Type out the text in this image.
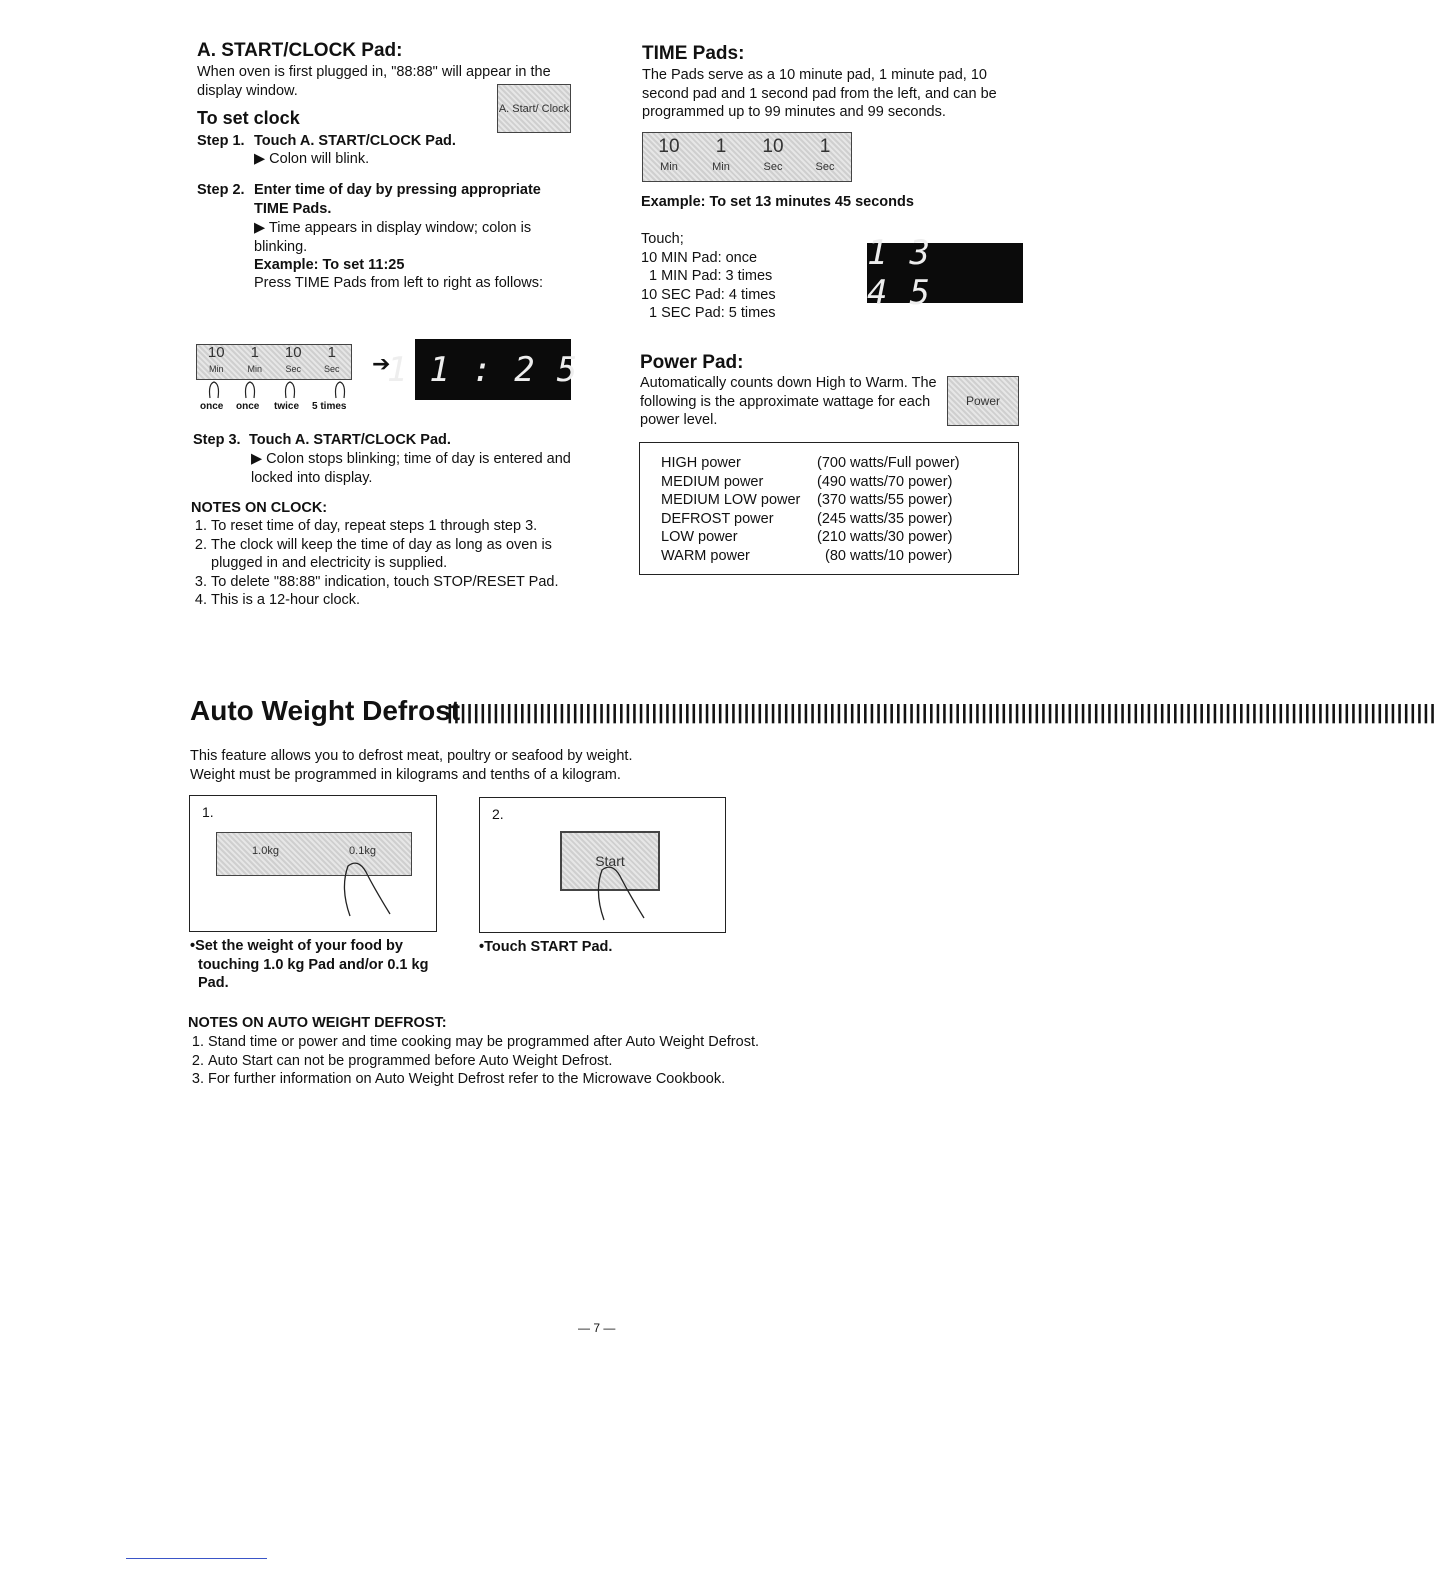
A. START/CLOCK Pad:
When oven is first plugged in, "88:88" will appear in the display window.
A. Start/ Clock
To set clock
Step 1. Touch A. START/CLOCK Pad.
▶ Colon will blink.
Step 2. Enter time of day by pressing appropriate TIME Pads.
▶ Time appears in display window; colon is blinking.
Example: To set 11:25
Press TIME Pads from left to right as follows:
10
Min
1
Min
10
Sec
1
Sec
once	once	twice	5 times
➔
11:25
Step 3. Touch A. START/CLOCK Pad.
▶ Colon stops blinking; time of day is entered and locked into display.
NOTES ON CLOCK:
1. To reset time of day, repeat steps 1 through step 3.
2. The clock will keep the time of day as long as oven is plugged in and electricity is supplied.
3. To delete "88:88" indication, touch STOP/RESET Pad.
4. This is a 12-hour clock.
TIME Pads:
The Pads serve as a 10 minute pad, 1 minute pad, 10 second pad and 1 second pad from the left, and can be programmed up to 99 minutes and 99 seconds.
10
Min
1
Min
10
Sec
1
Sec
Example: To set 13 minutes 45 seconds
Touch;
10 MIN Pad: once
1 MIN Pad: 3 times
10 SEC Pad: 4 times
1 SEC Pad: 5 times
13 45
Power Pad:
Automatically counts down High to Warm. The following is the approximate wattage for each power level.
Power
HIGH power	(700 watts/Full power)
MEDIUM power	(490 watts/70 power)
MEDIUM LOW power	(370 watts/55 power)
DEFROST power	(245 watts/35 power)
LOW power	(210 watts/30 power)
WARM power	(80 watts/10 power)
Auto Weight Defrost
||||||||||||||||||||||||||||||||||||||||||||||||||||||||||||||||||||||||||||||||||||||||||||||||||||||||||||||||||||||||||||||||||||||||||||||||||||||
This feature allows you to defrost meat, poultry or seafood by weight.
Weight must be programmed in kilograms and tenths of a kilogram.
1.
1.0kg	0.1kg
•Set the weight of your food by touching 1.0 kg Pad and/or 0.1 kg Pad.
2.
Start
•Touch START Pad.
NOTES ON AUTO WEIGHT DEFROST:
1. Stand time or power and time cooking may be programmed after Auto Weight Defrost.
2. Auto Start can not be programmed before Auto Weight Defrost.
3. For further information on Auto Weight Defrost refer to the Microwave Cookbook.
— 7 —
